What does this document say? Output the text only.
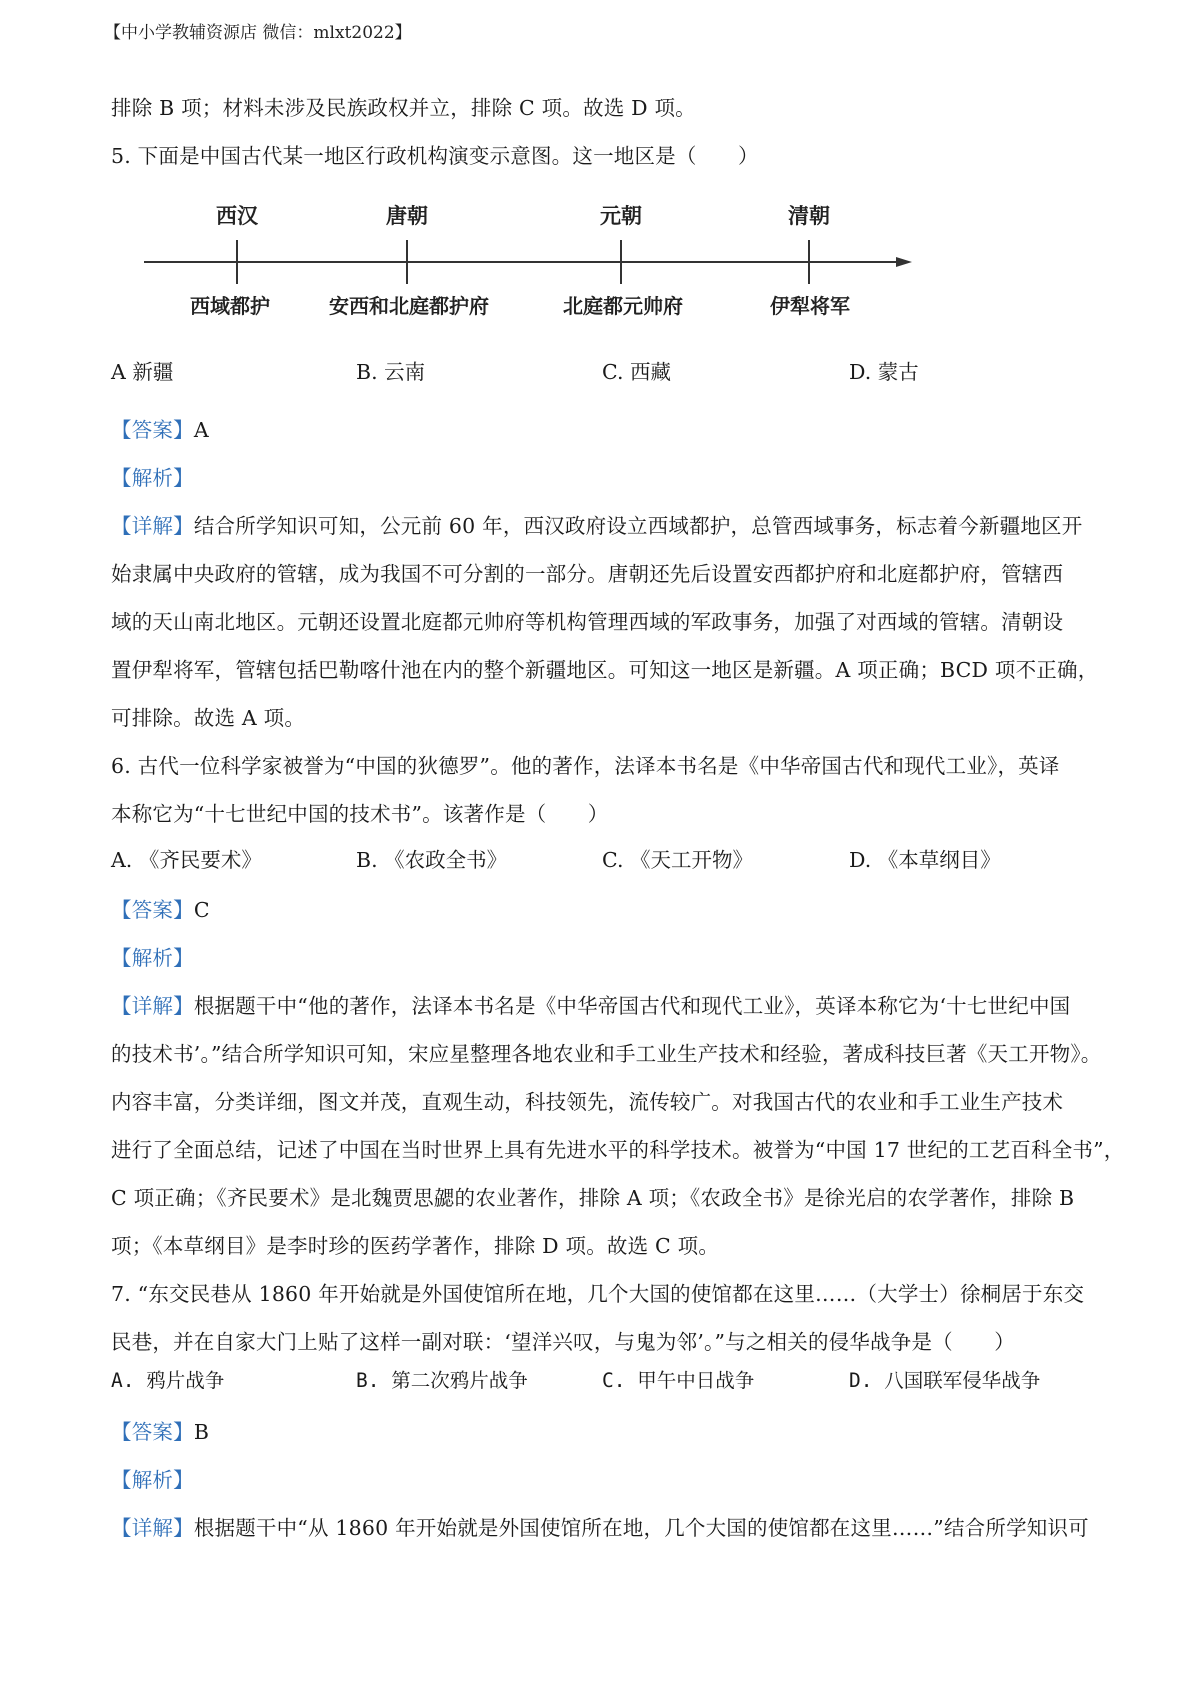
【中小学教辅资源店 微信：mlxt2022】
排除 B 项；材料未涉及民族政权并立，排除 C 项。故选 D 项。
5. 下面是中国古代某一地区行政机构演变示意图。这一地区是（　　）
西汉	唐朝	元朝	清朝
西域都护	安西和北庭都护府	北庭都元帅府	伊犁将军
A 新疆	B. 云南	C. 西藏	D. 蒙古
【答案】A
【解析】
【详解】结合所学知识可知，公元前 60 年，西汉政府设立西域都护，总管西域事务，标志着今新疆地区开
始隶属中央政府的管辖，成为我国不可分割的一部分。唐朝还先后设置安西都护府和北庭都护府，管辖西
域的天山南北地区。元朝还设置北庭都元帅府等机构管理西域的军政事务，加强了对西域的管辖。清朝设
置伊犁将军，管辖包括巴勒喀什池在内的整个新疆地区。可知这一地区是新疆。A 项正确；BCD 项不正确，
可排除。故选 A 项。
6. 古代一位科学家被誉为“中国的狄德罗”。他的著作，法译本书名是《中华帝国古代和现代工业》，英译
本称它为“十七世纪中国的技术书”。该著作是（　　）
A. 《齐民要术》	B. 《农政全书》	C. 《天工开物》	D. 《本草纲目》
【答案】C
【解析】
【详解】根据题干中“他的著作，法译本书名是《中华帝国古代和现代工业》，英译本称它为‘十七世纪中国
的技术书’。”结合所学知识可知，宋应星整理各地农业和手工业生产技术和经验，著成科技巨著《天工开物》。
内容丰富，分类详细，图文并茂，直观生动，科技领先，流传较广。对我国古代的农业和手工业生产技术
进行了全面总结，记述了中国在当时世界上具有先进水平的科学技术。被誉为“中国 17 世纪的工艺百科全书”，
C 项正确；《齐民要术》是北魏贾思勰的农业著作，排除 A 项；《农政全书》是徐光启的农学著作，排除 B
项；《本草纲目》是李时珍的医药学著作，排除 D 项。故选 C 项。
7. “东交民巷从 1860 年开始就是外国使馆所在地，几个大国的使馆都在这里……（大学士）徐桐居于东交
民巷，并在自家大门上贴了这样一副对联：‘望洋兴叹，与鬼为邻’。”与之相关的侵华战争是（　　）
A. 鸦片战争	B. 第二次鸦片战争	C. 甲午中日战争	D. 八国联军侵华战争
【答案】B
【解析】
【详解】根据题干中“从 1860 年开始就是外国使馆所在地，几个大国的使馆都在这里……”结合所学知识可
